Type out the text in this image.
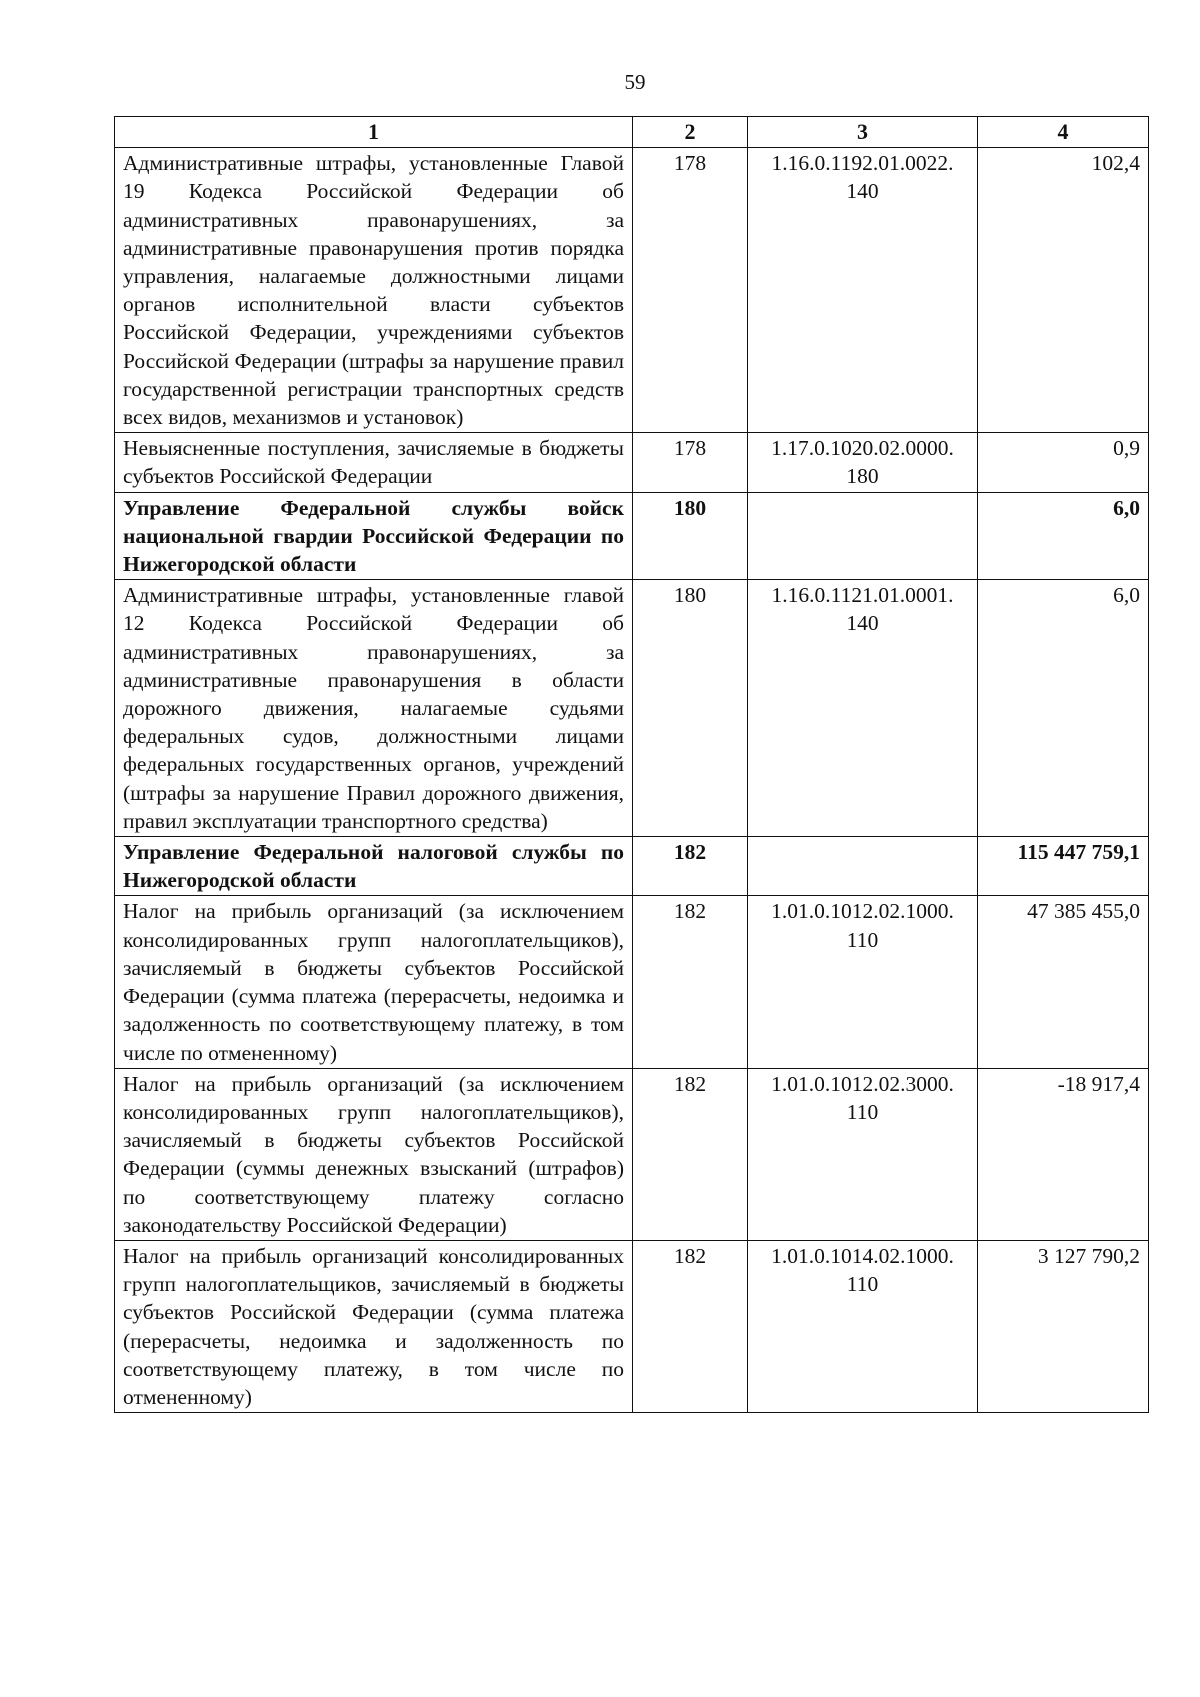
59
1	2	3	4
Административные штрафы, установленные Главой 19 Кодекса Российской Федерации об административных правонарушениях, за административные правонарушения против порядка управления, налагаемые должностными лицами органов исполнительной власти субъектов Российской Федерации, учреждениями субъектов Российской Федерации (штрафы за нарушение правил государственной регистрации транспортных средств всех видов, механизмов и установок)	178	1.16.0.1192.01.0022. 140	102,4
Невыясненные поступления, зачисляемые в бюджеты субъектов Российской Федерации	178	1.17.0.1020.02.0000. 180	0,9
Управление Федеральной службы войск национальной гвардии Российской Федерации по Нижегородской области	180		6,0
Административные штрафы, установленные главой 12 Кодекса Российской Федерации об административных правонарушениях, за административные правонарушения в области дорожного движения, налагаемые судьями федеральных судов, должностными лицами федеральных государственных органов, учреждений (штрафы за нарушение Правил дорожного движения, правил эксплуатации транспортного средства)	180	1.16.0.1121.01.0001. 140	6,0
Управление Федеральной налоговой службы по Нижегородской области	182		115 447 759,1
Налог на прибыль организаций (за исключением консолидированных групп налогоплательщиков), зачисляемый в бюджеты субъектов Российской Федерации (сумма платежа (перерасчеты, недоимка и задолженность по соответствующему платежу, в том числе по отмененному)	182	1.01.0.1012.02.1000. 110	47 385 455,0
Налог на прибыль организаций (за исключением консолидированных групп налогоплательщиков), зачисляемый в бюджеты субъектов Российской Федерации (суммы денежных взысканий (штрафов) по соответствующему платежу согласно законодательству Российской Федерации)	182	1.01.0.1012.02.3000. 110	-18 917,4
Налог на прибыль организаций консолидированных групп налогоплательщиков, зачисляемый в бюджеты субъектов Российской Федерации (сумма платежа (перерасчеты, недоимка и задолженность по соответствующему платежу, в том числе по отмененному)	182	1.01.0.1014.02.1000. 110	3 127 790,2
